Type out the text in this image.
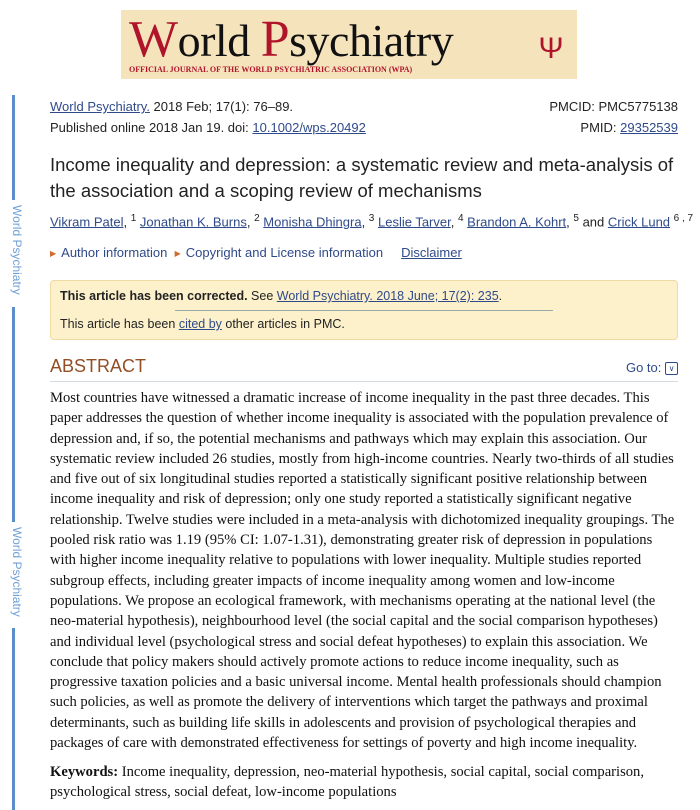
World Psychiatry
OFFICIAL JOURNAL OF THE WORLD PSYCHIATRIC ASSOCIATION (WPA)
Ψ
World Psychiatry
World Psychiatry
World Psychiatry. 2018 Feb; 17(1): 76–89.
Published online 2018 Jan 19. doi: 10.1002/wps.20492
PMCID: PMC5775138
PMID: 29352539
Income inequality and depression: a systematic review and meta-analysis of the association and a scoping review of mechanisms
Vikram Patel, $^1$ Jonathan K. Burns, $^2$ Monisha Dhingra, $^3$ Leslie Tarver, $^4$ Brandon A. Kohrt, $^5$ and Crick Lund $^{6 , 7}$
▶ Author information ▶ Copyright and License information Disclaimer
This article has been corrected. See World Psychiatry. 2018 June; 17(2): 235.
This article has been cited by other articles in PMC.
ABSTRACT	Go to: ∨

Most countries have witnessed a dramatic increase of income inequality in the past three decades. This paper addresses the question of whether income inequality is associated with the population prevalence of depression and, if so, the potential mechanisms and pathways which may explain this association. Our systematic review included 26 studies, mostly from high-income countries. Nearly two-thirds of all studies and five out of six longitudinal studies reported a statistically significant positive relationship between income inequality and risk of depression; only one study reported a statistically significant negative relationship. Twelve studies were included in a meta-analysis with dichotomized inequality groupings. The pooled risk ratio was 1.19 (95% CI: 1.07-1.31), demonstrating greater risk of depression in populations with higher income inequality relative to populations with lower inequality. Multiple studies reported subgroup effects, including greater impacts of income inequality among women and low-income populations. We propose an ecological framework, with mechanisms operating at the national level (the neo-material hypothesis), neighbourhood level (the social capital and the social comparison hypotheses) and individual level (psychological stress and social defeat hypotheses) to explain this association. We conclude that policy makers should actively promote actions to reduce income inequality, such as progressive taxation policies and a basic universal income. Mental health professionals should champion such policies, as well as promote the delivery of interventions which target the pathways and proximal determinants, such as building life skills in adolescents and provision of psychological therapies and packages of care with demonstrated effectiveness for settings of poverty and high income inequality.

Keywords: Income inequality, depression, neo-material hypothesis, social capital, social comparison, psychological stress, social defeat, low-income populations
